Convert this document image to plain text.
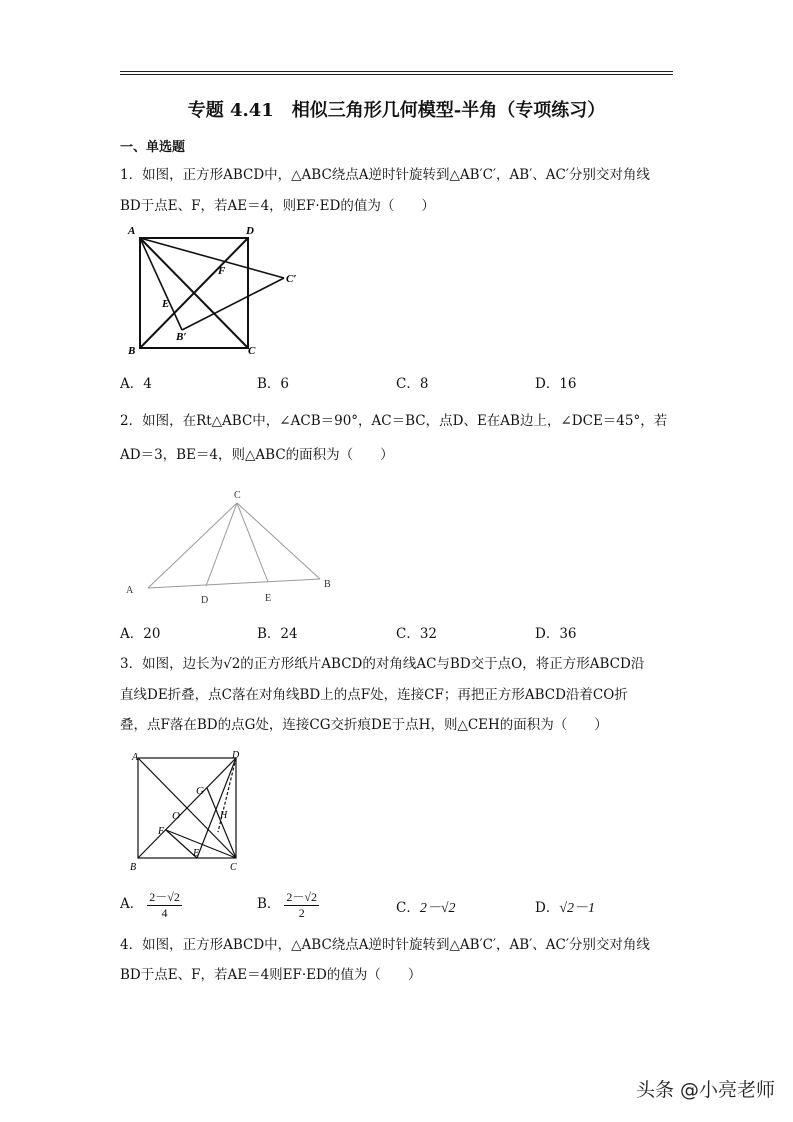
专题 4.41　相似三角形几何模型-半角（专项练习）
一、单选题
1．如图，正方形ABCD中，△ABC绕点A逆时针旋转到△AB′C′，AB′、AC′分别交对角线
BD于点E、F，若AE＝4，则EF·ED的值为（　　）
A	D
B	C
F
E
B′
C′
A．4	B．6	C．8	D．16
2．如图，在Rt△ABC中，∠ACB＝90°，AC＝BC，点D、E在AB边上，∠DCE＝45°，若
AD＝3，BE＝4，则△ABC的面积为（　　）
C
A
B
D	E
A．20	B．24	C．32	D．36
3．如图，边长为√2的正方形纸片ABCD的对角线AC与BD交于点O，将正方形ABCD沿
直线DE折叠，点C落在对角线BD上的点F处，连接CF；再把正方形ABCD沿着CO折
叠，点F落在BD的点G处，连接CG交折痕DE于点H，则△CEH的面积为（　　）
A	D
B	C
G
O	H
F
E
A． $\frac{2-√2}{4}$	B． $\frac{2-√2}{2}$	C．2－√2	D．√2－1
4．如图，正方形ABCD中，△ABC绕点A逆时针旋转到△AB′C′，AB′、AC′分别交对角线
BD于点E、F，若AE＝4则EF·ED的值为（　　）
头条 @小亮老师
